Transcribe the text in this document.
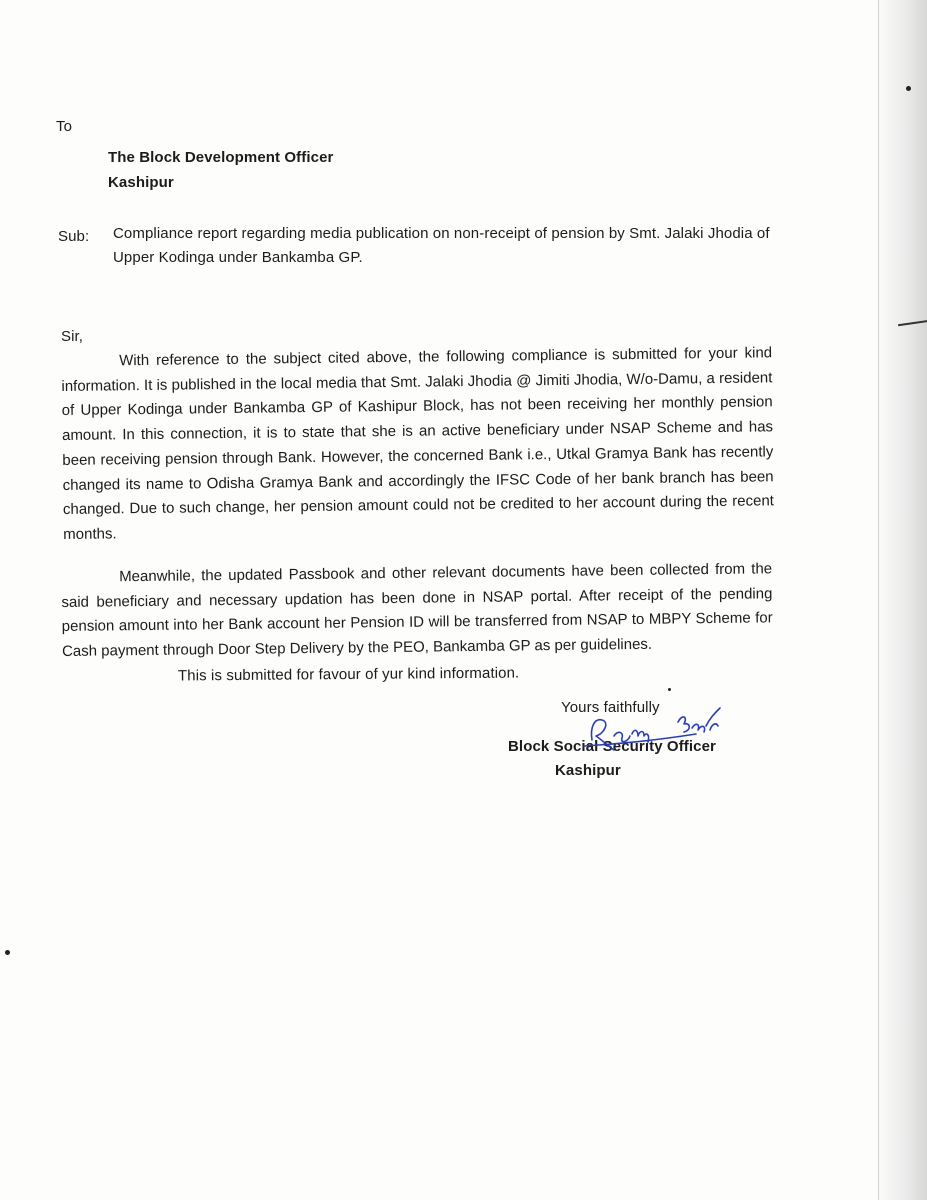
To
The Block Development Officer
Kashipur
Sub: Compliance report regarding media publication on non-receipt of pension by Smt. Jalaki Jhodia of Upper Kodinga under Bankamba GP.
Sir,
With reference to the subject cited above, the following compliance is submitted for your kind information. It is published in the local media that Smt. Jalaki Jhodia @ Jimiti Jhodia, W/o-Damu, a resident of Upper Kodinga under Bankamba GP of Kashipur Block, has not been receiving her monthly pension amount. In this connection, it is to state that she is an active beneficiary under NSAP Scheme and has been receiving pension through Bank. However, the concerned Bank i.e., Utkal Gramya Bank has recently changed its name to Odisha Gramya Bank and accordingly the IFSC Code of her bank branch has been changed. Due to such change, her pension amount could not be credited to her account during the recent months.
Meanwhile, the updated Passbook and other relevant documents have been collected from the said beneficiary and necessary updation has been done in NSAP portal. After receipt of the pending pension amount into her Bank account her Pension ID will be transferred from NSAP to MBPY Scheme for Cash payment through Door Step Delivery by the PEO, Bankamba GP as per guidelines.
This is submitted for favour of yur kind information.
Yours faithfully
Block Social Security Officer
Kashipur
